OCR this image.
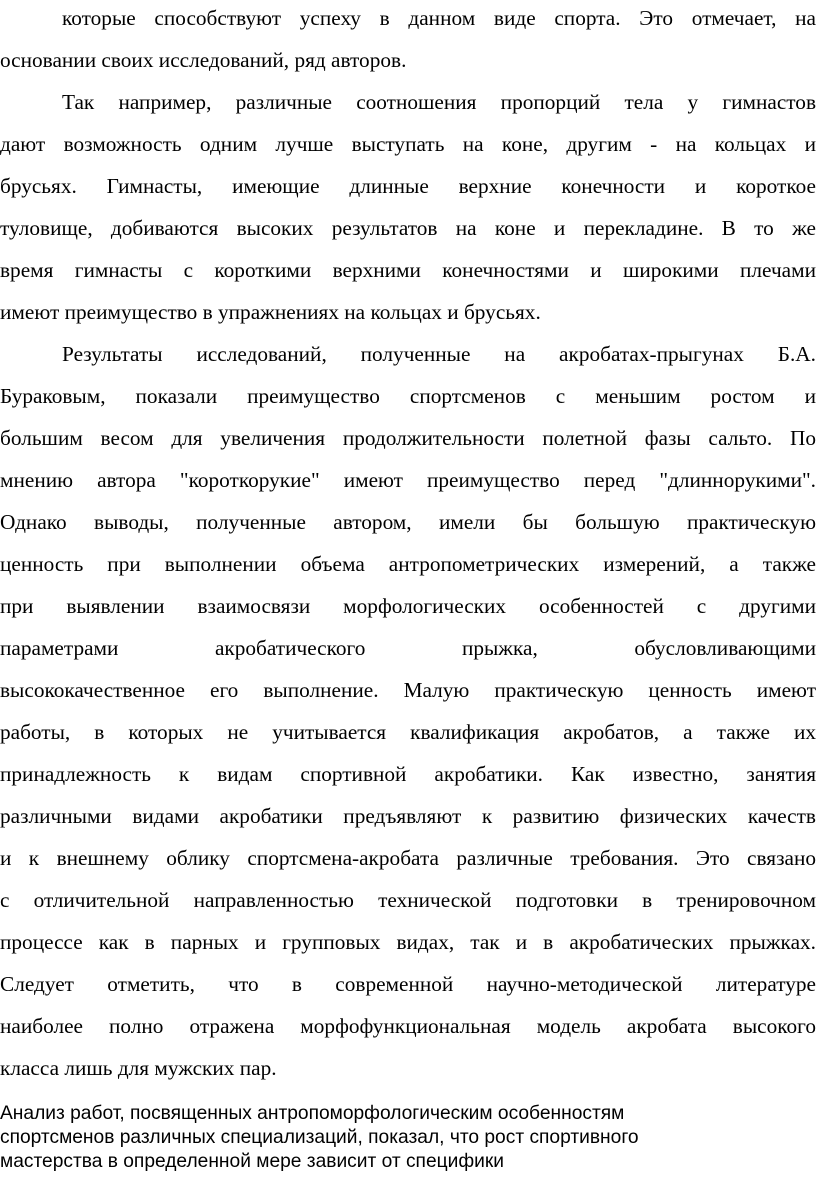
которые способствуют успеху в данном виде спорта. Это отмечает, на

основании своих исследований, ряд авторов.

Так например, различные соотношения пропорций тела у гимнастов

дают возможность одним лучше выступать на коне, другим - на кольцах и

брусьях. Гимнасты, имеющие длинные верхние конечности и короткое

туловище, добиваются высоких результатов на коне и перекладине. В то же

время гимнасты с короткими верхними конечностями и широкими плечами

имеют преимущество в упражнениях на кольцах и брусьях.

Результаты исследований, полученные на акробатах-прыгунах Б.А.

Бураковым, показали преимущество спортсменов с меньшим ростом и

большим весом для увеличения продолжительности полетной фазы сальто. По

мнению автора "короткорукие" имеют преимущество перед "длиннорукими".

Однако выводы, полученные автором, имели бы большую практическую

ценность при выполнении объема антропометрических измерений, а также

при выявлении взаимосвязи морфологических особенностей с другими

параметрами акробатического прыжка, обусловливающими

высококачественное его выполнение. Малую практическую ценность имеют

работы, в которых не учитывается квалификация акробатов, а также их

принадлежность к видам спортивной акробатики. Как известно, занятия

различными видами акробатики предъявляют к развитию физических качеств

и к внешнему облику спортсмена-акробата различные требования. Это связано

с отличительной направленностью технической подготовки в тренировочном

процессе как в парных и групповых видах, так и в акробатических прыжках.

Следует отметить, что в современной научно-методической литературе

наиболее полно отражена морфофункциональная модель акробата высокого

класса лишь для мужских пар.

Анализ работ, посвященных антропоморфологическим особенностям

спортсменов различных специализаций, показал, что рост спортивного

мастерства в определенной мере зависит от специфики
